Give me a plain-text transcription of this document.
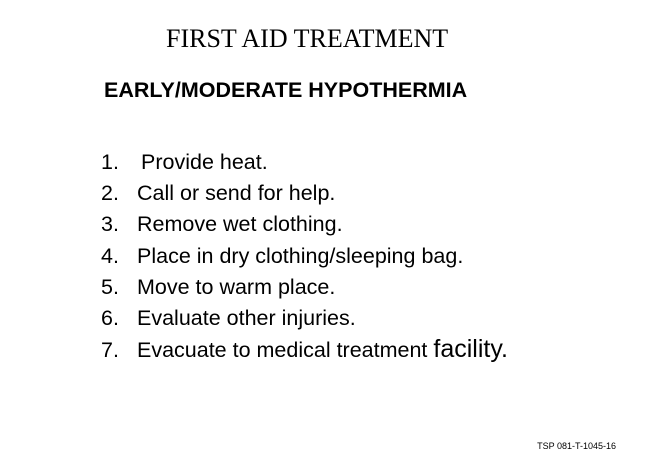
FIRST AID TREATMENT
EARLY/MODERATE HYPOTHERMIA
1. Provide heat.
2. Call or send for help.
3. Remove wet clothing.
4. Place in dry clothing/sleeping bag.
5. Move to warm place.
6. Evaluate other injuries.
7. Evacuate to medical treatment facility.
TSP 081-T-1045-16
